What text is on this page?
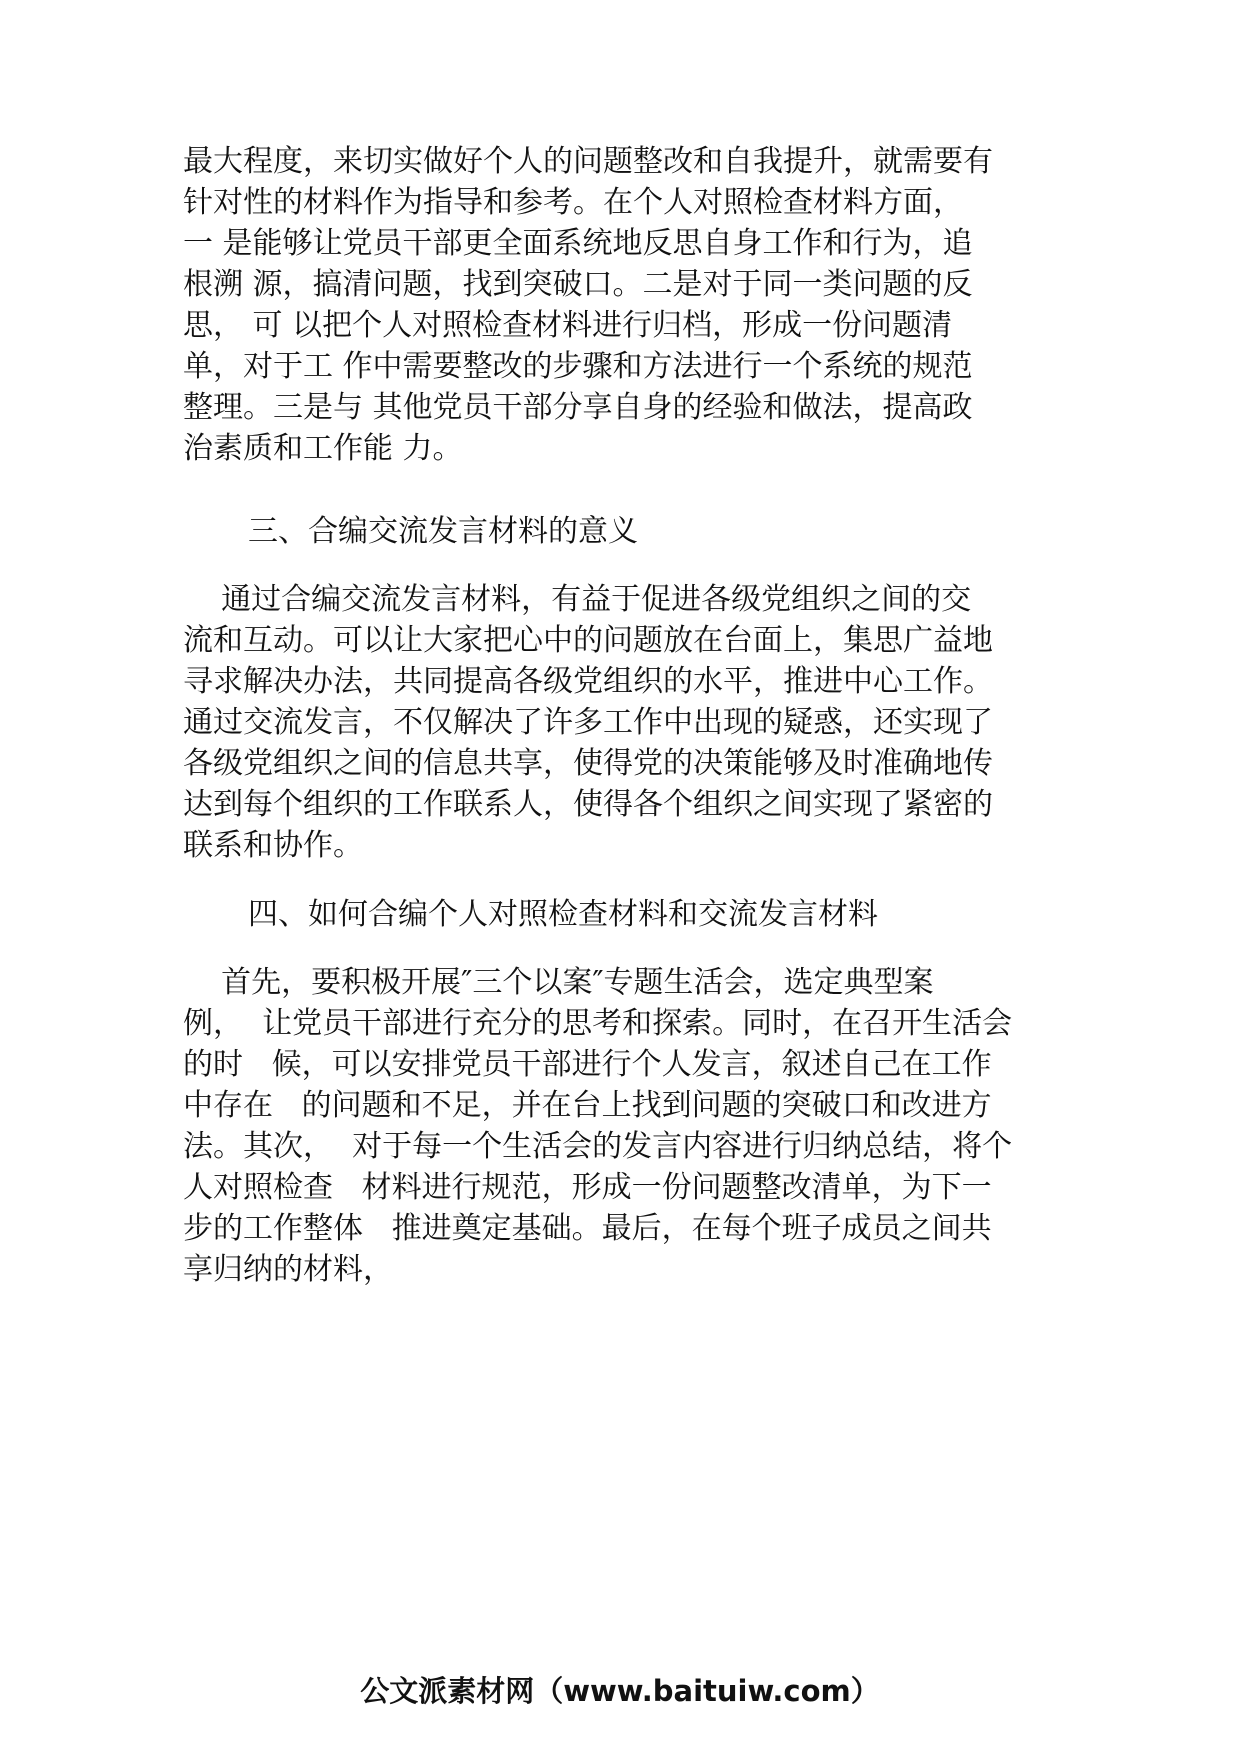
最大程度，来切实做好个人的问题整改和自我提升，就需要有
针对性的材料作为指导和参考。在个人对照检查材料方面，
一 是能够让党员干部更全面系统地反思自身工作和行为，追
根溯 源，搞清问题，找到突破口。二是对于同一类问题的反
思， 可 以把个人对照检查材料进行归档，形成一份问题清
单，对于工 作中需要整改的步骤和方法进行一个系统的规范
整理。三是与 其他党员干部分享自身的经验和做法，提高政
治素质和工作能 力。
三、合编交流发言材料的意义
通过合编交流发言材料，有益于促进各级党组织之间的交
流和互动。可以让大家把心中的问题放在台面上，集思广益地
寻求解决办法，共同提高各级党组织的水平，推进中心工作。
通过交流发言，不仅解决了许多工作中出现的疑惑，还实现了
各级党组织之间的信息共享，使得党的决策能够及时准确地传
达到每个组织的工作联系人，使得各个组织之间实现了紧密的
联系和协作。
四、如何合编个人对照检查材料和交流发言材料
首先，要积极开展″三个以案″专题生活会，选定典型案
例，  让党员干部进行充分的思考和探索。同时，在召开生活会
的时   候，可以安排党员干部进行个人发言，叙述自己在工作
中存在   的问题和不足，并在台上找到问题的突破口和改进方
法。其次，  对于每一个生活会的发言内容进行归纳总结，将个
人对照检查   材料进行规范，形成一份问题整改清单，为下一
步的工作整体   推进奠定基础。最后，在每个班子成员之间共
享归纳的材料，
公文派素材网（www.baituiw.com）
